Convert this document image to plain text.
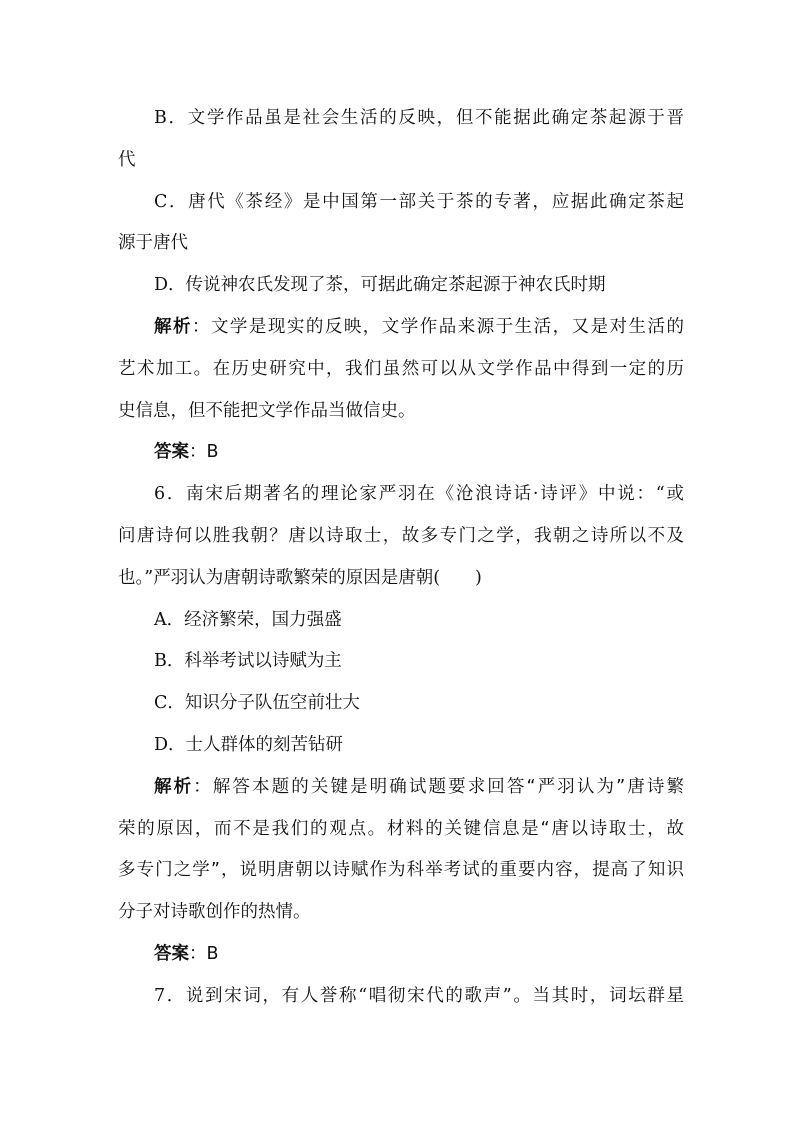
B．文学作品虽是社会生活的反映，但不能据此确定茶起源于晋

代

C．唐代《茶经》是中国第一部关于茶的专著，应据此确定茶起

源于唐代

D．传说神农氏发现了茶，可据此确定茶起源于神农氏时期

解析：文学是现实的反映，文学作品来源于生活，又是对生活的

艺术加工。在历史研究中，我们虽然可以从文学作品中得到一定的历

史信息，但不能把文学作品当做信史。

答案：B

6．南宋后期著名的理论家严羽在《沧浪诗话·诗评》中说：“或

问唐诗何以胜我朝？唐以诗取士，故多专门之学，我朝之诗所以不及

也。”严羽认为唐朝诗歌繁荣的原因是唐朝(　　)

A．经济繁荣，国力强盛

B．科举考试以诗赋为主

C．知识分子队伍空前壮大

D．士人群体的刻苦钻研

解析：解答本题的关键是明确试题要求回答“严羽认为”唐诗繁

荣的原因，而不是我们的观点。材料的关键信息是“唐以诗取士，故

多专门之学”，说明唐朝以诗赋作为科举考试的重要内容，提高了知识

分子对诗歌创作的热情。

答案：B

7．说到宋词，有人誉称“唱彻宋代的歌声”。当其时，词坛群星
